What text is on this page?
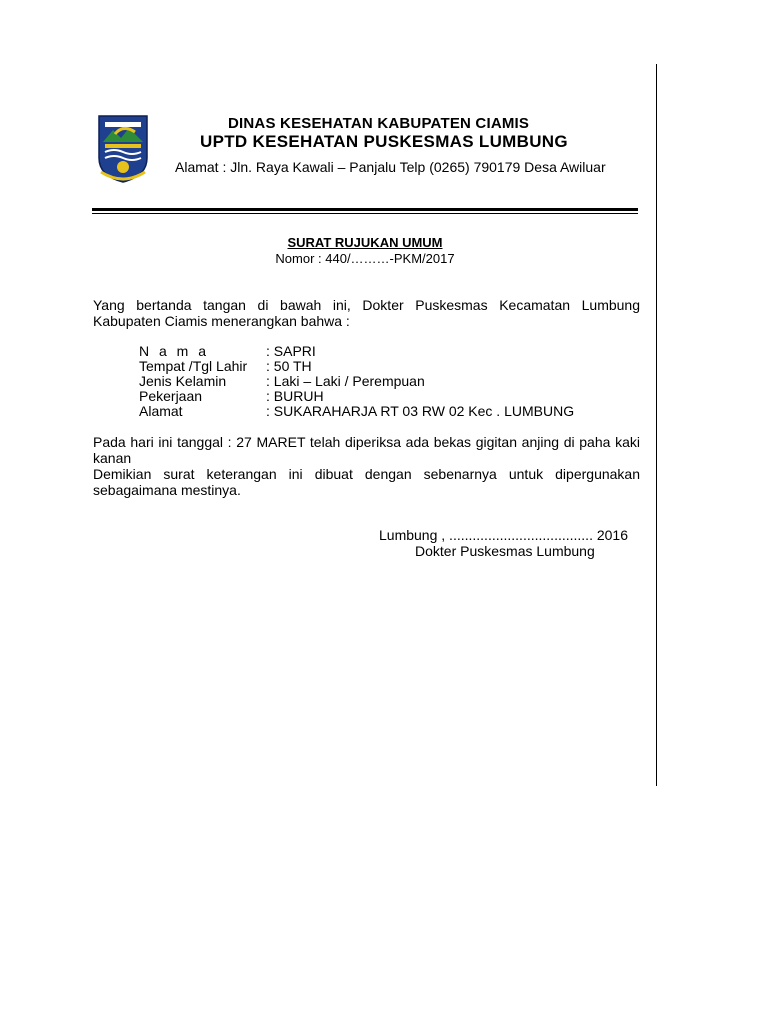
DINAS KESEHATAN KABUPATEN CIAMIS
UPTD KESEHATAN PUSKESMAS LUMBUNG
Alamat : Jln. Raya Kawali – Panjalu Telp (0265) 790179 Desa Awiluar
SURAT RUJUKAN UMUM
Nomor : 440/………-PKM/2017
Yang bertanda tangan di bawah ini, Dokter Puskesmas Kecamatan Lumbung Kabupaten Ciamis menerangkan bahwa :
N a m a	: SAPRI
Tempat /Tgl Lahir	: 50 TH
Jenis Kelamin	: Laki – Laki / Perempuan
Pekerjaan	: BURUH
Alamat	: SUKARAHARJA RT 03 RW 02 Kec . LUMBUNG
Pada hari ini tanggal : 27 MARET telah diperiksa ada bekas gigitan anjing di paha kaki kanan
Demikian surat keterangan ini dibuat dengan sebenarnya untuk dipergunakan sebagaimana mestinya.
Lumbung , ..................................... 2016
Dokter Puskesmas Lumbung
